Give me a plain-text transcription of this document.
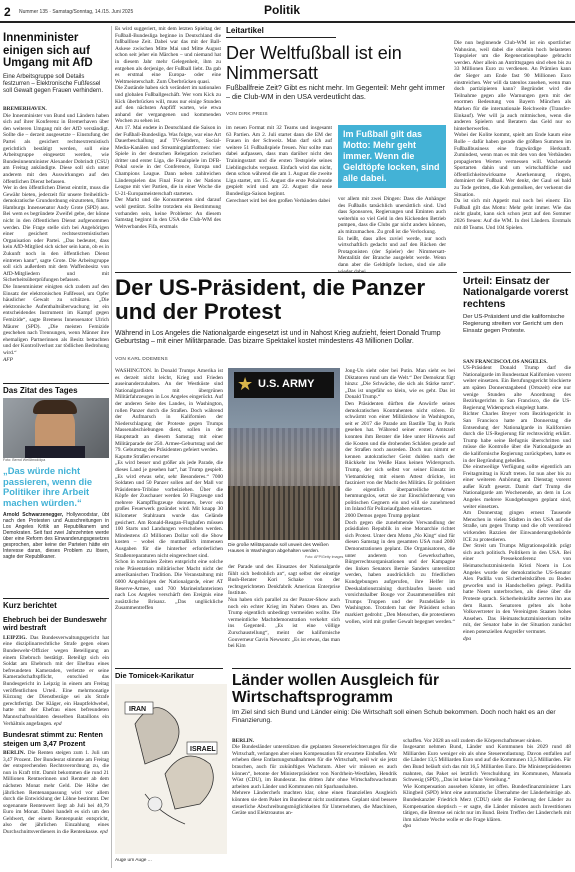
2 Nummer 135 · Samstag/Sonntag, 14./15. Juni 2025	Politik
Innenminister einigen sich auf Umgang mit AfD
Eine Arbeitsgruppe soll Details festzurren – Elektronische Fußfessel soll Gewalt gegen Frauen verhindern.

BREMERHAVEN.
Die Innenminister von Bund und Ländern haben sich auf ihrer Konferenz in Bremerhaven über den weiteren Umgang mit der AfD verständigt. Sollte die – derzeit ausgesetzte – Einstufung der Partei als gesichert rechtsextremistisch gerichtlich bestätigt werden, soll eine Arbeitsgruppe eingesetzt werden, wie Bundesinnenminister Alexander Dobrindt (CSU) am Freitag ankündigte. Diese soll sich unter anderem mit den Auswirkungen auf den öffentlichen Dienst befassen.
Wer in den öffentlichen Dienst eintritt, muss die Gewähr bieten, jederzeit für unsere freiheitlich-demokratische Grundordnung einzutreten, führte Hamburgs Innensenator Andy Grote (SPD) aus. Bei wem es begründete Zweifel gebe, der könne nicht in den öffentlichen Dienst aufgenommen werden. Die Frage stelle sich bei Angehörigen einer gesichert rechtsextremistischen Organisation oder Partei. „Das bedeutet, dass kein AfD-Mitglied sich sicher sein kann, ob es in Zukunft noch in den öffentlichen Dienst eintreten kann“, sagte Grote. Die Arbeitsgruppe soll sich außerdem mit dem Waffenbesitz von AfD-Mitgliedern und mit Sicherheitsüberprüfungen befassen.
Die Innenminister einigten sich zudem auf den Einsatz der elektronischen Fußfessel, um Opfer häuslicher Gewalt zu schützen. „Die elektronische Aufenthaltsüberwachung ist ein entscheidendes Instrument im Kampf gegen Femizide“, sagte Bremens Innensenator Ulrich Mäurer (SPD). „Die meisten Femizide geschehen nach Trennungen, wenn Männer ihre ehemaligen Partnerinnen als Besitz betrachten und der Kontrollverlust zur tödlichen Bedrohung wird.“
AFP

Das Zitat des Tages
Foto: Bernd Weißbrod/dpa
„Das würde nicht passieren, wenn die Politiker ihre Arbeit machen würden.“
Arnold Schwarzenegger, Hollywoodstar, übt nach den Protesten und Ausschreitungen in Los Angeles Kritik an Republikanern und Demokraten. Seit fast zwei Jahrzehnten werde über eine Reform des Einwanderungsgesetzes gesprochen, aber keine der Parteien hätte ein Interesse daran, dieses Problem zu lösen, sagte der Republikaner.
Kurz berichtet
Ehebruch bei der Bundeswehr wird bestraft
LEIPZIG. Das Bundesverwaltungsgericht hat eine disziplinarrechtliche Strafe gegen einen Bundeswehr-Offizier wegen Beteiligung an einem Ehebruch bestätigt. Beteiligt sich ein Soldat am Ehebruch mit der Ehefrau eines befreundeten Kameraden, verletzte er seine Kameradschaftspflicht, entschied das Bundesgericht in Leipzig in einem am Freitag veröffentlichten Urteil. Eine mehrmonatige Kürzung der Dienstbezüge sei als Strafe gerechtfertigt. Der Kläger, ein Hauptfeldwebel, hatte mit der Ehefrau eines befreundeten Mannschaftssoldaten desselben Bataillons ein Verhältnis angefangen. epd
Bundesrat stimmt zu: Renten steigen um 3,47 Prozent
BERLIN. Die Renten steigen zum 1. Juli um 3,47 Prozent. Der Bundesrat stimmte am Freitag der entsprechenden Rechtsverordnung zu, die nun in Kraft tritt. Damit bekommen die rund 21 Millionen Rentnerinnen und Rentner ab dem nächsten Monat mehr Geld. Die Höhe der jährlichen Rentenanpassung wird vor allem durch die Entwicklung der Löhne bestimmt. Der sogenannte Rentenwert liegt ab Juli bei 40,79 Euro im Monat. Dabei handelt es sich um den Geldwert, der einem Rentenpunkt entspricht, also der jährlichen Einzahlung eines Durchschnittsverdieners in die Rentenkasse. epd
Es wird suggeriert, mit dem letzten Spieltag der Fußball-Bundesliga beginne in Deutschland die fußballlose Zeit. Dabei war das mit der Ball-Askese zwischen Mitte Mai und Mitte August schon seit jeher ein Märchen – und niemand hat in diesem Jahr mehr Gelegenheit, ihm zu entgehen als derjenige, der Fußball liebt. Da gab es erstmal eine Europa- oder eine Weltmeisterschaft. Zum Überbrücken quasi.
Die Zustände haben sich verändert im nationalen und globalen Fußballgeschäft. Wer vom Kick zu Kick überbrücken will, muss nur einige Stunden auf den nächsten Anpfiff warten, wie etwa anhand der vergangenen und kommenden Wochen zu sehen ist.
Am 17. Mai endete in Deutschland die Saison in der Fußball-Bundesliga. Was folgte, war eine Art Dauerbeschallung auf TV-Sendern, Social-Media-Kanälen und Streamingplattformen: vier Spiele in der deutschen Relegation zwischen dritter und erster Liga, die Finalspiele im DFB-Pokal sowie in der Conference, Europa und Champions League. Dann neben zahlreichen Länderspielen das Final Four in der Nations League mit vier Partien, die in einer Woche die U-21-Europameisterschaft starteten.
Der Markt und die Konsumenten sind darauf wohl gestützt. Sollte trotzdem ein Bestimmung vorhanden sein, keine Probleme: An diesem Samstag beginnt in den USA die Club-WM des Weltverbandes Fifa, erstmals
Leitartikel
Der Weltfußball ist ein Nimmersatt
Fußballfreie Zeit? Gibt es nicht mehr. Im Gegenteil: Mehr geht immer – die Club-WM in den USA verdeutlicht das.
VON DIRK PREIS
im neuen Format mit 32 Teams und insgesamt 63 Partien. Am 2. Juli startet dann die EM der Frauen in der Schweiz. Man darf sich auf weitere 51 Fußballspiele freuen. Nur sollte man dabei aufpassen, dass man darüber nicht den Trainingsstart und die ersten Testspiele seines Lieblingsclubs verpasst. Einfach wird das nicht, denn schon während die am 1. August die zweite Liga startet, um 15. August die erste Pokalrunde gespielt wird und am 22. August die neue Bundesliga-Saison beginnt.
Gerechnet wird bei den großen Verbänden dabei
Im Fußball gilt das Motto: Mehr geht immer. Wenn die Geldtöpfe locken, sind alle dabei.
vor allem mit zwei Dingen: Dass die Anhänger des Fußballs tatsächlich unersättlich sind. Und dass Sponsoren, Regierungen und Eminten auch weiterhin so viel Geld in den Kickenden Betrieb pumpen, dass die Clubs gar nicht anders können, als mitzumachen. Zu groß ist die Verlockung.
Es heißt, dass alles zuviel werde, nur noch wirtschaftlich gedacht und auf den Rücken der Protagonisten (der Spieler) der Nimmersatt-Mentalität der Branche ausgelebt werde. Wenn dann aber die Geldtöpfe locken, sind sie alle
Die nun beginnende Club-WM ist ein sportlicher Wahnsinn, weil dabei die ohnehin hoch belasteten Topspieler um die Regenerationsphase gebracht werden. Aber allein an Antrittsgagen sind eben bis zu 33 Millionen Euro zu verdienen. An Prämien kann der Sieger am Ende fast 90 Millionen Euro einstreichen. Wer will da tatenlos zusehen, wenn man doch partizipieren kann? Begründet wird die Teilnahme gegen alle Warnungen gern mit der enormen Bedeutung von Bayern München als Marken für die internationale Reichweite (Transfer-Einkauf). Wer will ja auch mitmischen, wenn die anderen Spielern und Beratern das Geld nur so hinterherwerfen.
Wobei der Kolite kommt, spielt am Ende kaum eine Rolle – dafür haben gerade die größten Summen im Fußballbusiness eine fragwürdige Herkunft. Zumindest, wenn man es mit den von den Verbänden propagierten Werten vermessen will. Wachsende Sportarten dahin und um wirtschaftliche und öffentlichkeitswirksame Anerkennung ringen, dominiert der Fußball. Wer denkt, der Gaul sei bald zu Tode geritten, die Kuh gemolken, der verkennt die Situation.
Da ist sich mit Appetit mal noch bei einem: Ein Fußball gilt das Motto: Mehr geht immer. Wie das nicht glaubt, kann sich schon jetzt auf den Sommer 2026 freuen: Auf die WM. In drei Ländern. Erstmals mit 48 Teams. Und 104 Spielen.
Der US-Präsident, die Panzer und der Protest
Während in Los Angeles die Nationalgarde eingesetzt ist und in Nahost Krieg aufzieht, feiert Donald Trump Geburtstag – mit einer Militärparade. Das bizarre Spektakel kostet mindestens 43 Millionen Dollar.
VON KARL DOEMENS
WASHINGTON. In Donald Trumps Amerika ist es derzeit nicht leicht, Krieg und Frieden auseinanderzuhalten. An der Westküste sind Nationalgardisten mit übergrünen Militärfahrzeugen in Los Angeles eingerückt. Auf der anderen Seite des Landes, in Washington, rollen Panzer durch die Straßen. Doch während der Aufmarsch in Kalifornien der Niederschlagung der Proteste gegen Trumps Massenabschiebungen dient, sollen in der Hauptstadt an diesem Samstag mit einer Militärparade der 250. Armee-Geburtstag und der 79. Geburtstag des Präsidenten gefeiert werden.
Kaputte Straßen erwartet
„Es wird besser und größer als jede Parade, die dieses Land je gesehen hat“, hat Trump gespielt. „Es wird etwas sehr, sehr Besonderes.“ 7000 Soldaten und 50 Panzer sollen auf der Mall vor Präsidenten-Tribüne vorbeiziehen. Über die Köpfe der Zuschauer werden 50 Flugzeuge und mehrere Kampfflugzeuge donnern, bevor ein großes Feuerwerk gezündet wird. Mit knapp 30 Kilometer Stahlraum wurde das Gelände gesichert. Am Ronald-Reagan-Flughafen müssen 100 Starts und Landungen verschoben werden. Mindestens 43 Millionen Dollar soll die Show kosten – wobei die mutmaßlich immensen Ausgaben für die hinterher erforderlichen Straßenreparaturen nicht eingerechnet sind.
Schon in normalen Zeiten entspricht eine solche rohe Präsentation militärischer Macht nicht der amerikanischen Tradition. Die Veranstaltung mit 6000 Angehörigen der Nationalgarde, einer AT Reserve-Armee, und 700 Marineinfanteristen nach Los Angeles verschärft den Ereignis eine zusätzliche Brisanz. „Das unglückliche Zusammentreffen
★ U.S. ARMY
Die große Militärparade soll unweit des Weißen Hauses in Washington abgehalten werden.
Foto: AFP/Getty Images
der Parade und des Einsatzes der Nationalgarde fühlt sich bedrohlich an“, sagt selbst der einstige Bush-Berater Kori Schake von der rechtsgerichteten Denkfabrik American Enterprise Institute.
Nun haben sich parallel zu der Panzer-Show auch noch ein echter Krieg im Nahen Osten an. Den Trump eigentlich unbedingt vermeiden wollte. Die vermeintliche Machtdemonstration verkehrt sich ins Gegenteil. „Es ist eine völlige Zurschaustellung“, meint der kalifornische Gouverneur Gavin Newsom: „Es ist etwas, das man bei Kim
Jong-Un sieht oder bei Putin. Man sieht es bei Diktatoren rund um die Welt.“ Der Demokrat fügt hinzu: „Die Schwäche, die sich als Stärke tarnt“. „Das ist ungefähr so klein, wie es geht. Das ist Donald Trump.“
Den Präsidenten dürften die Anwürfe seines demokratischen Kontrahenten nicht stören. Er schwärmt von einer Militärshow in Washington, seit er 2017 die Parade am Bastille Tag in Paris gesehen hat. Während seiner ersten Amtszeit konnten ihm Berater die Idee unter Hinweis auf die Kosten und die drohenden Schäden gerade auf der Straßen noch ausreden. Doch nun nimmt er kennen autokratischer Geist dulden nach der Rückkehr ins Weiße Haus keinen Widerspruch. Trump, der sich selbst vor seiner Einsatz im Vietnamkrieg mit einem Attest drückte, ist fasziniert von der Macht des Militärs. Er politisiert die eigentlich überparteiliche Armee hemmungslos, setzt sie zur Einschüchterung von politischen Gegnern ein und will sie zunehmend im Inland für Polizeiaufgaben einsetzen.
2000 Demos gegen Trump geplant
Doch gegen die zunehmende Verwandlung der präsidialen Republik in eine Monarchie richtet sich Protest. Unter dem Motto „No King“ sind für diesen Samstag in den gesamten USA rund 2000 Demonstrationen geplant. Die Organisatoren, die unter anderem von Gewerkschaften, Bürgerrechtsorganisationen und der Kampagne des linken Senators Bernie Sanders unterstützt werden, haben ausdrücklich zu friedlichen Kundgebungen aufgerufen, ihre Helfer im Deeskalationstraining durchlaufen lassen und vorsichtshalber Bouge vor Zusammenstößen mit Trumps Truppen und der Paradeläufe in Washington. Trotzdem hat der Präsident schon markiert gedroht: „Den Menschen, die protestieren wollen, wird mit großer Gewalt begegnet werden.“
Urteil: Einsatz der Nationalgarde vorerst rechtens
Der US-Präsident und die kalifornische Regierung streiten vor Gericht um den Einsatz gegen Proteste.

SAN FRANCISCO/LOS ANGELES.
US-Präsident Donald Trump darf die Nationalgarde im Bundesstaat Kalifornien vorerst weiter einsetzen. Ein Berufungsgericht blockierte am späten Donnerstagabend (Ortszeit) eine nur wenige Stunden alte Anordnung des Bezirksgerichts in San Francisco, die die US-Regierung Widerspruch eingelegt hatte.
Richter Charles Breyer vom Bezirksgericht in San Francisco hatte am Donnerstag die Entsendung der Nationalgarde in Kalifornien durch die US-Regierung für rechtswidrig erklärt. Trump habe seine Befugnis überschritten und müsse die Kontrolle über die Nationalgarde an die kalifornische Regierung zurückgeben, hatte es in der Begründung geheißen.
Die einstweilige Verfügung sollte eigentlich am Freitagmittag in Kraft treten. Ist nun aber bis zu einer weiteren Anhörung am Dienstag vorerst außer Kraft gesetzt. Damit darf Trump die Nationalgarde am Wochenende, an dem in Los Angeles mehrere Kundgebungen geplant sind, weiter einsetzen.
Am Donnerstag gingen erneut Tausende Menschen in vielen Städten in den USA auf die Straße, um gegen Trump und die oft verstörend wirkenden Razzien der Einwanderungsbehörde ICE zu protestieren.
Der Streit um Trumps Migrationspolitik prägt sich auch politisch. Politikern in den USA. Bei einer Pressekonferenz von Heimatschutzministerin Kristi Noem in Los Angeles wurde der demokratische US-Senator Alex Padilla von Sicherheitskräften zu Boden geworfen und in Handschellen gelegt. Padilla hatte Noem unterbrochen, als diese über die Proteste sprach. Sicherheitskräfte zerrten ihn aus dem Raum. Senatoren gelten als hohe Volksvertreter in den Vereinigten Staaten hohes Ansehen. Das Heimatschutzministerium teilte mit, der Senator habe in der Situation zunächst einen potenziellen Angreifer vermutet.
dpa

Die Tomicek-Karikatur
IRAN
ISRAEL
Auge um Auge ...
Länder wollen Ausgleich für Wirtschaftsprogramm
Im Ziel sind sich Bund und Länder einig: Die Wirtschaft soll einen Schub bekommen. Doch noch hakt es an der Finanzierung.

BERLIN.
Die Bundesländer unterstützen die geplanten Steuererleichterungen für die Wirtschaft, verlangen aber einen Kompensation für erwartete Einbußen. Wir erheben diese Entlastungsmaßnahmen für die Wirtschaft, weil wir sie jetzt brauchen, auch für zukünftiges Wachstum. Aber wir müssen es auch können“, betonte der Ministerpräsident von Nordrhein-Westfalen, Hendrik Wüst (CDU), im Bundesrat. Ins dritten Jahr ohne Wirtschaftswachstum arbeiten auch Länder und Kommunen mit Sparhaushalten.
Mehrere Länderchefs machten klar, ohne einen finanziellen Ausgleich könnten sie dem Paket im Bundesrat nicht zustimmen. Geplant sind bessere steuerliche Abschreibungsmöglichkeiten für Unternehmen, die Maschinen, Geräte und Elektroautos an-

schaffen. Vor 2028 an soll zudem die Körperschaftsteuer sinken.
Insgesamt nehmen Bund, Länder und Kommunen bis 2029 rund 48 Milliarden Euro weniger ein als ohne Steuerentlastung. Davon entfallen auf die Länder 13,5 Milliarden Euro und auf die Kommunen 13,5 Milliarden. Für den Bund beläuft sich das mit 16,5 Milliarden Euro. Die Ministerpräsidenten mahnten, das Paket sei letztlich Verschuldung im Kommunen, Manuela Schwesig (SPD), „Das ist keine faire Verteilung.“
Wie Kompensation aussehen könnte, ist offen. Bundesfinanzminister Lars Klingbeil (SPD) lehnt eine automatische Übernahme der Länderbeiträge ab. Bundeskanzler Friedrich Merz (CDU) sieht die Forderung der Länder zu Kompensation skeptisch – er sagte, die Länder müssten auch Investitionen tätigen, die Bremse sei nicht nur im Bund. Beim Treffen der Länderchefs mit ihm nächste Woche wolle er die Frage klären.
dpa
